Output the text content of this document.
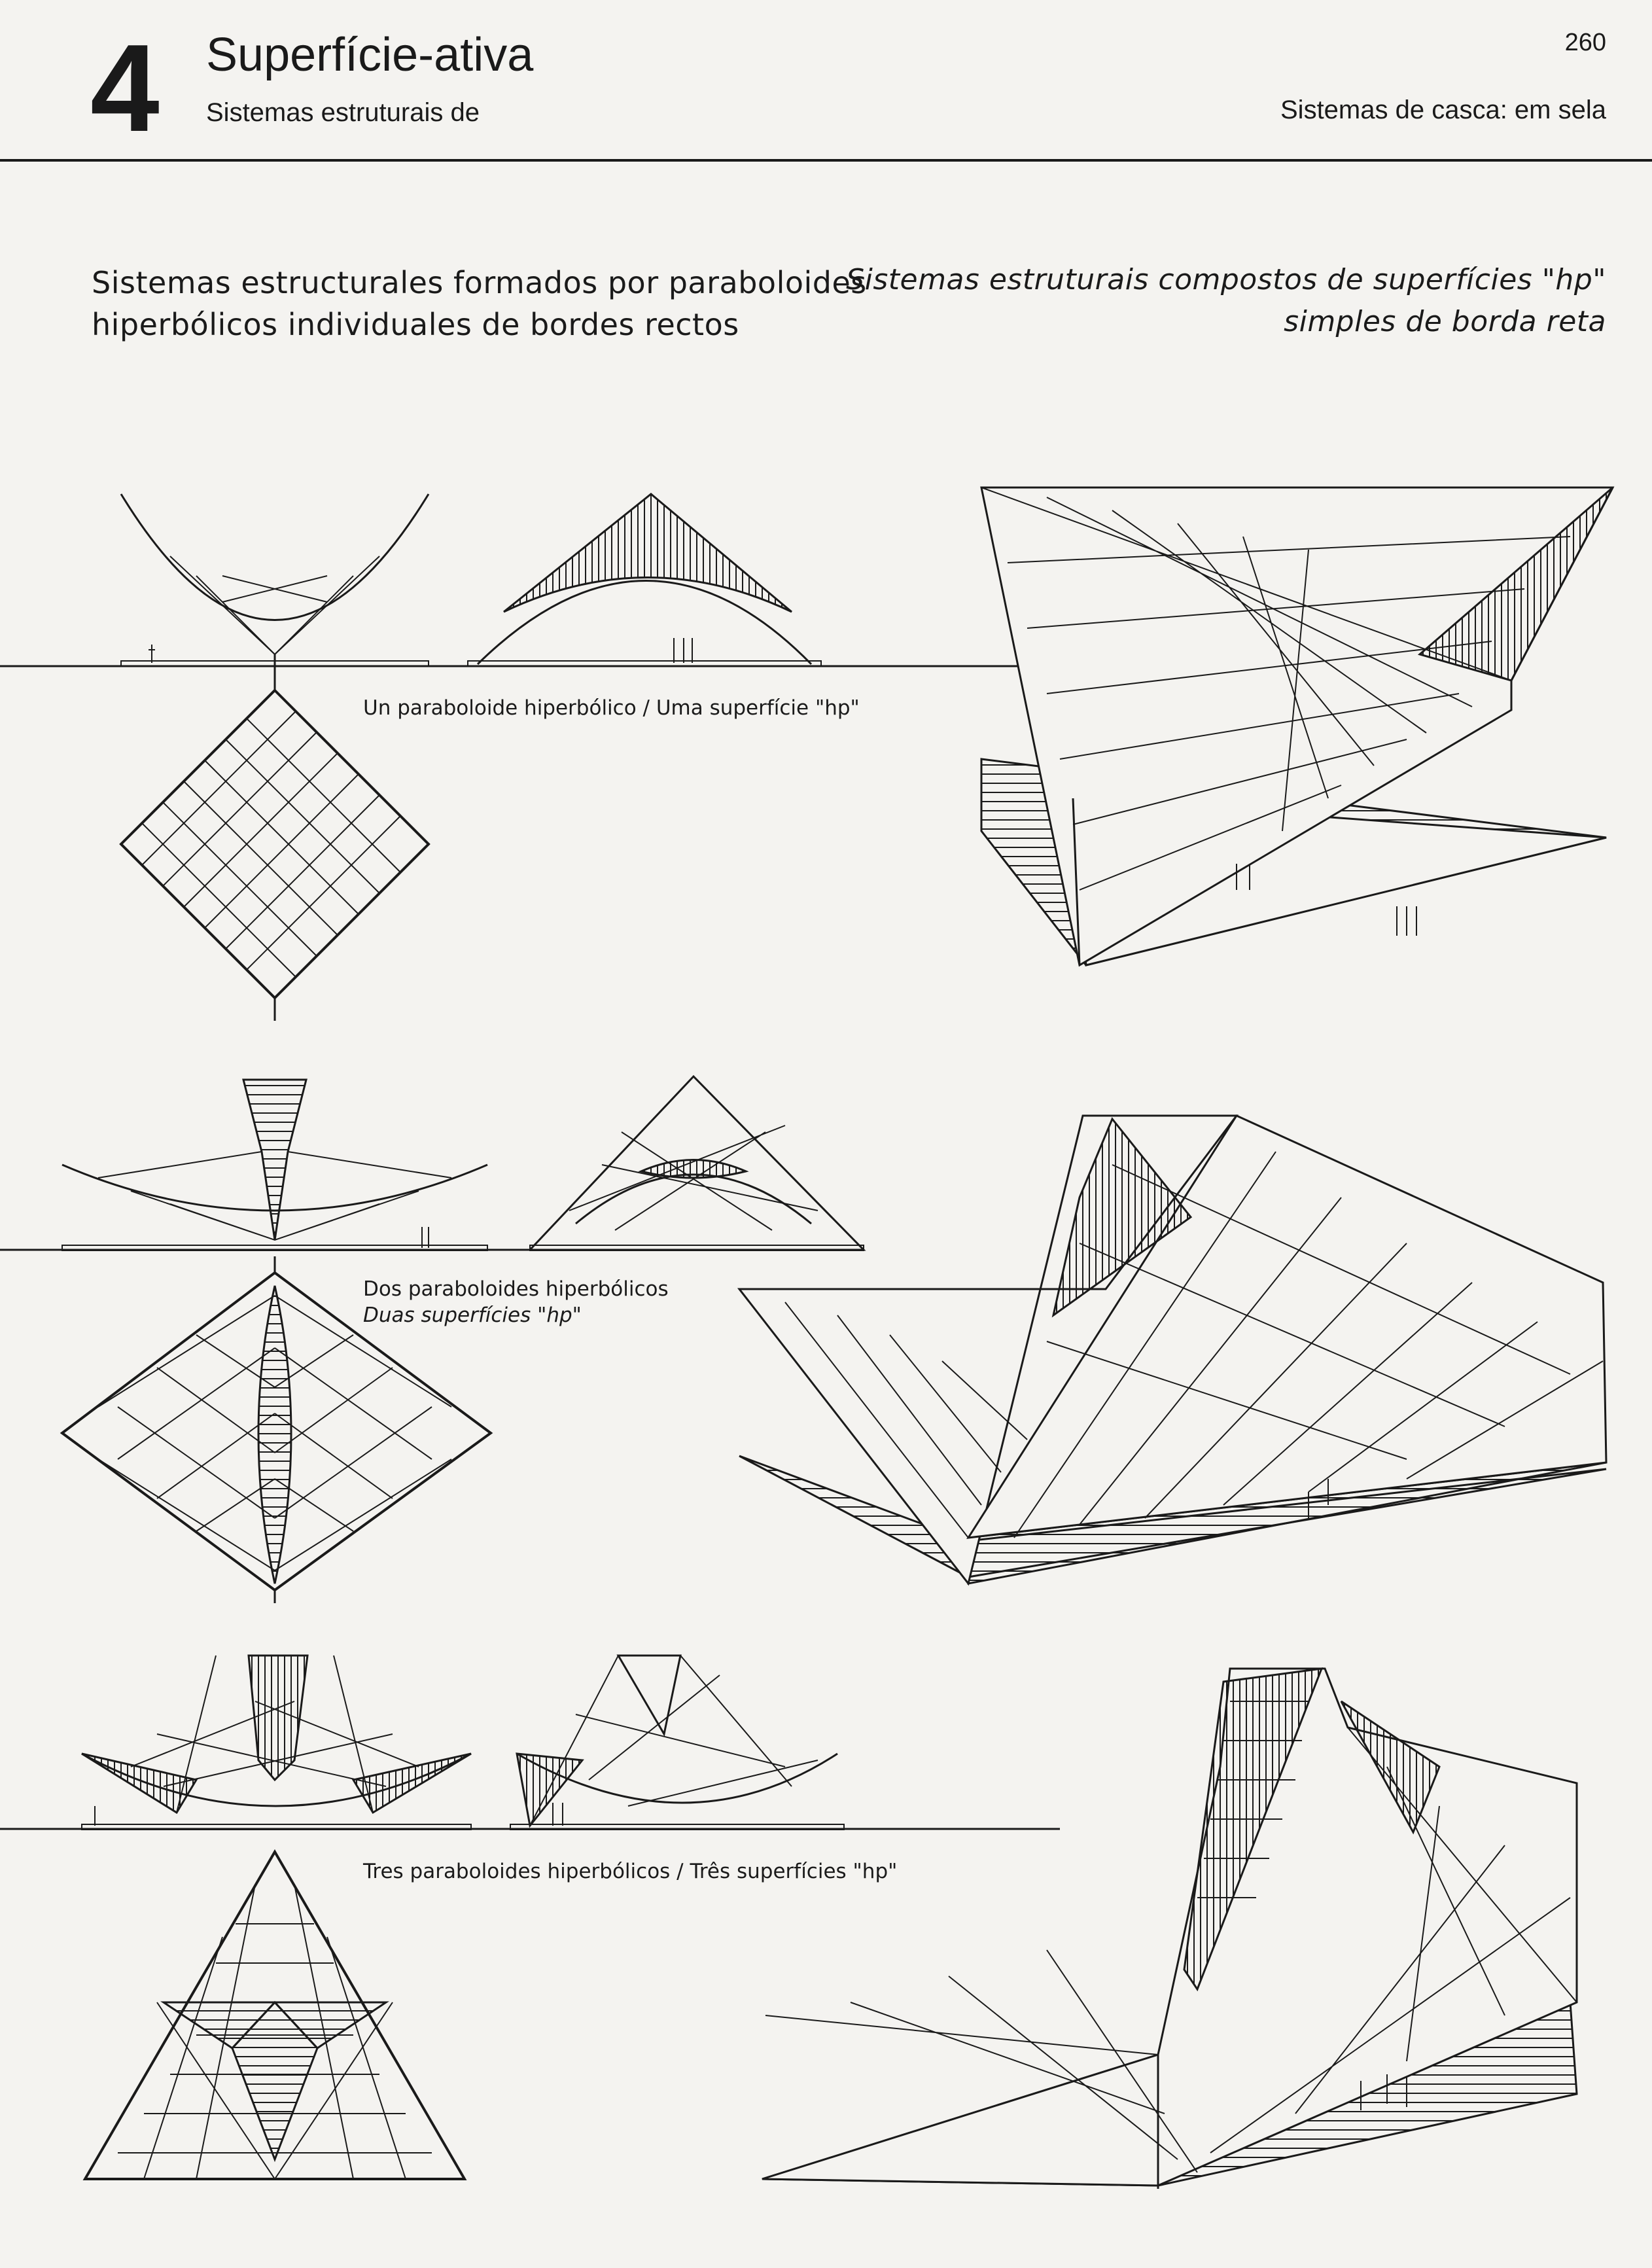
4 Superfície-ativa
Sistemas estruturais de
260
Sistemas de casca: em sela
Sistemas estructurales formados por paraboloides
hiperbólicos individuales de bordes rectos
Sistemas estruturais compostos de superfícies "hp"
simples de borda reta
Un paraboloide hiperbólico / Uma superfície "hp"
Dos paraboloides hiperbólicos
Duas superfícies "hp"
Tres paraboloides hiperbólicos / Três superfícies "hp"
